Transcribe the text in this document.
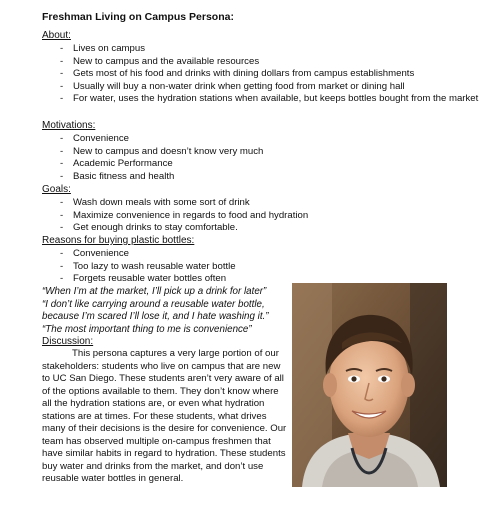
Freshman Living on Campus Persona:
About:
- Lives on campus
- New to campus and the available resources
- Gets most of his food and drinks with dining dollars from campus establishments
- Usually will buy a non-water drink when getting food from market or dining hall
- For water, uses the hydration stations when available, but keeps bottles bought from the market
Motivations:
- Convenience
- New to campus and doesn’t know very much
- Academic Performance
- Basic fitness and health
Goals:
- Wash down meals with some sort of drink
- Maximize convenience in regards to food and hydration
- Get enough drinks to stay comfortable.
Reasons for buying plastic bottles:
- Convenience
- Too lazy to wash reusable water bottle
- Forgets reusable water bottles often
“When I’m at the market, I’ll pick up a drink for later”
“I don’t like carrying around a reusable water bottle,
because I’m scared I’ll lose it, and I hate washing it.”
“The most important thing to me is convenience”
Discussion:

This persona captures a very large portion of our stakeholders: students who live on campus that are new to UC San Diego. These students aren’t very aware of all of the options available to them. They don’t know where all the hydration stations are, or even what hydration stations are at times. For these students, what drives many of their decisions is the desire for convenience. Our team has observed multiple on-campus freshmen that have similar habits in regard to hydration. These students buy water and drinks from the market, and don’t use reusable water bottles in general.
